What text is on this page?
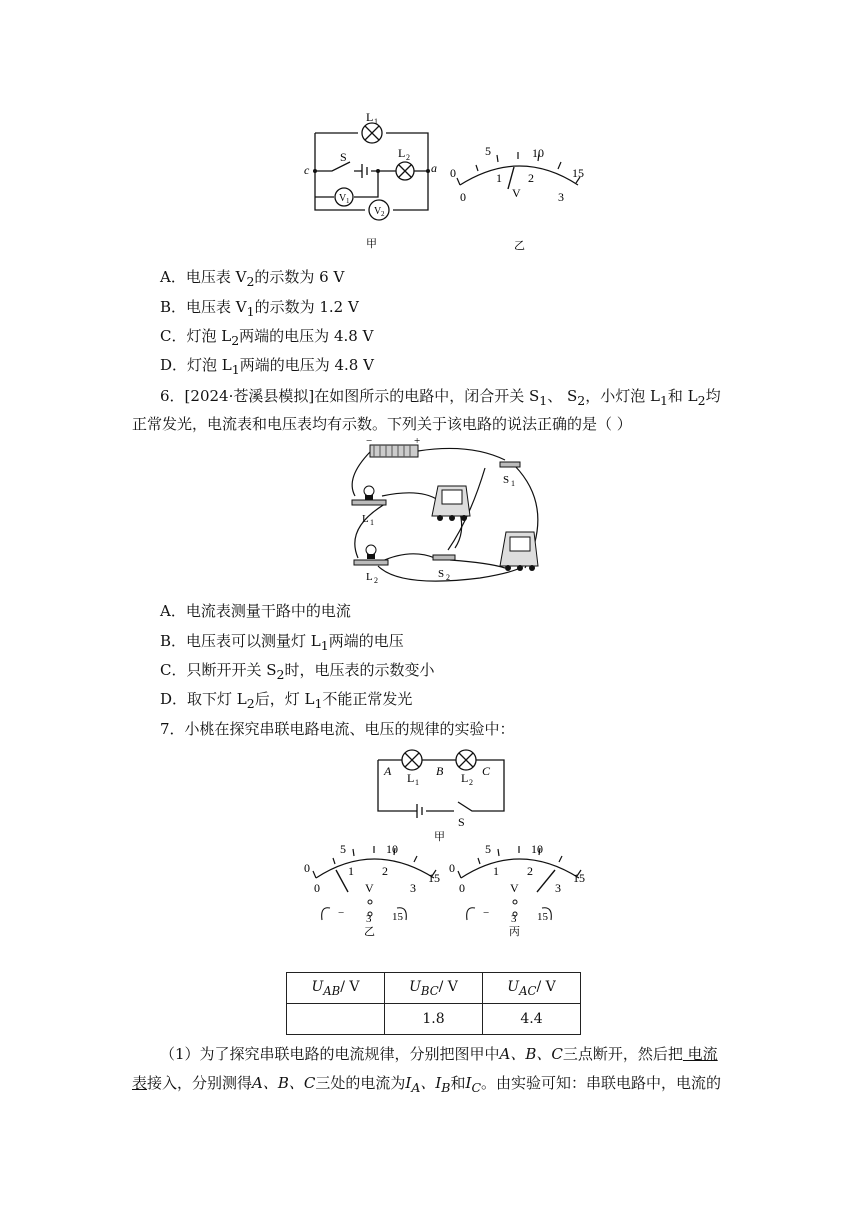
L 1
S	L 2
c	a
V 1
V 2
甲
0
5	10
15
0
1 2
3
V
乙
A．电压表 $V_2$的示数为 6 V
B．电压表 $V_1$的示数为 1.2 V
C．灯泡 $L_2$两端的电压为 4.8 V
D．灯泡 $L_1$两端的电压为 4.8 V
6．[2024·苍溪县模拟]在如图所示的电路中，闭合开关 $S_1$、 $S_2$，小灯泡 $L_1$和 $L_2$均
正常发光，电流表和电压表均有示数。下列关于该电路的说法正确的是（ ）
−	+
S 1
L 1
L 2
S 2
A．电流表测量干路中的电流
B．电压表可以测量灯 $L_1$两端的电压
C．只断开开关 $S_2$时，电压表的示数变小
D．取下灯 $L_2$后，灯 $L_1$不能正常发光
7．小桃在探究串联电路电流、电压的规律的实验中：
A	B	C
L 1	L 2
S
甲
0
5	10
15
0
1 2
3
V
− 3 15
乙
0
5	10
15
0
1 2
3
V
− 3 15
丙
$U_{AB}/$ V	$U_{BC}/$ V	$U_{AC}/$ V
	1.8	4.4
（1）为了探究串联电路的电流规律，分别把图甲中A、B、C三点断开，然后把 电流
表接入，分别测得A、B、C三处的电流为$I_A$、$I_B$和$I_C$。由实验可知：串联电路中，电流的
